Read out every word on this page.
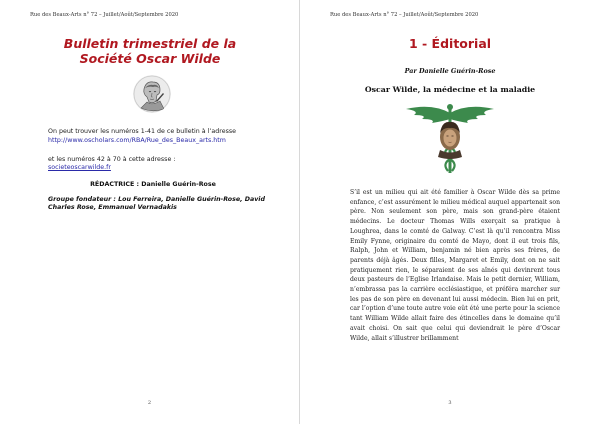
Rue des Beaux-Arts n° 72 – Juillet/Août/Septembre 2020
Bulletin trimestriel de la
Société Oscar Wilde
On peut trouver les numéros 1-41 de ce bulletin à l’adresse
http://www.oscholars.com/RBA/Rue_des_Beaux_arts.htm
et les numéros 42 à 70 à cette adresse :
societeoscarwilde.fr
RÉDACTRICE : Danielle Guérin-Rose
Groupe fondateur : Lou Ferreira, Danielle Guérin-Rose, David Charles Rose, Emmanuel Vernadakis
2
Rue des Beaux-Arts n° 72 – Juillet/Août/Septembre 2020
1 - Éditorial
Par Danielle Guérin-Rose
Oscar Wilde, la médecine et la maladie
S’il est un milieu qui ait été familier à Oscar Wilde dès sa prime enfance, c’est assurément le milieu médical auquel appartenait son père. Non seulement son père, mais son grand-père étaient médecins. Le docteur Thomas Wills exerçait sa pratique à Loughrea, dans le comté de Galway. C’est là qu’il rencontra Miss Emily Fynne, originaire du comté de Mayo, dont il eut trois fils, Ralph, John et William, benjamin né bien après ses frères, de parents déjà âgés. Deux filles, Margaret et Emily, dont on ne sait pratiquement rien, le séparaient de ses aînés qui devinrent tous deux pasteurs de l’Eglise Irlandaise. Mais le petit dernier, William, n’embrassa pas la carrière ecclésiastique, et préféra marcher sur les pas de son père en devenant lui aussi médecin. Bien lui en prit, car l’option d’une toute autre voie eût été une perte pour la science tant William Wilde allait faire des étincelles dans le domaine qu’il avait choisi. On sait que celui qui deviendrait le père d’Oscar Wilde, allait s’illustrer brillamment
3
